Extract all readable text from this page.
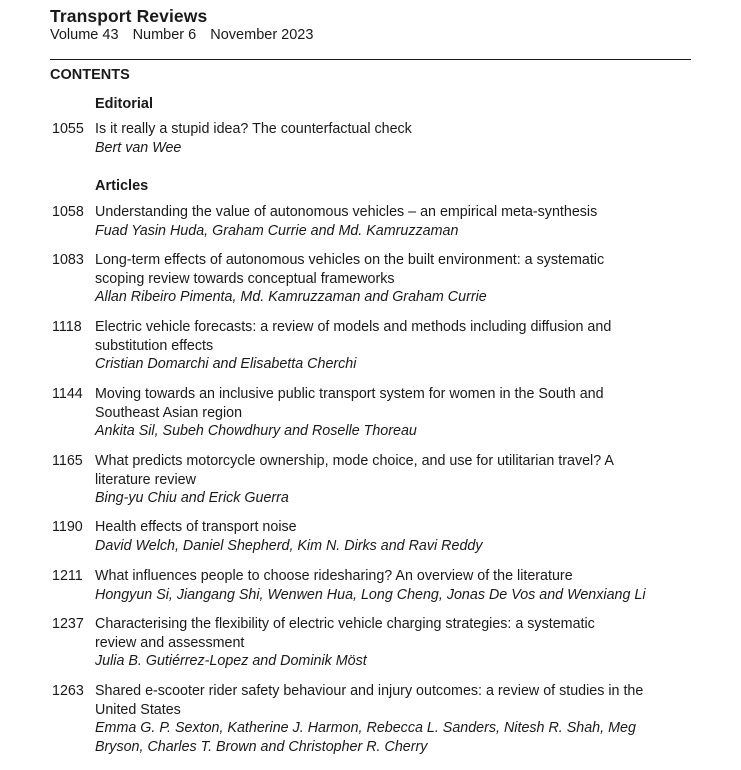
Transport Reviews
Volume 43 Number 6 November 2023
CONTENTS
Editorial
1055 Is it really a stupid idea? The counterfactual check
Bert van Wee
Articles
1058 Understanding the value of autonomous vehicles – an empirical meta-synthesis
Fuad Yasin Huda, Graham Currie and Md. Kamruzzaman
1083 Long-term effects of autonomous vehicles on the built environment: a systematic scoping review towards conceptual frameworks
Allan Ribeiro Pimenta, Md. Kamruzzaman and Graham Currie
1118 Electric vehicle forecasts: a review of models and methods including diffusion and substitution effects
Cristian Domarchi and Elisabetta Cherchi
1144 Moving towards an inclusive public transport system for women in the South and Southeast Asian region
Ankita Sil, Subeh Chowdhury and Roselle Thoreau
1165 What predicts motorcycle ownership, mode choice, and use for utilitarian travel? A literature review
Bing-yu Chiu and Erick Guerra
1190 Health effects of transport noise
David Welch, Daniel Shepherd, Kim N. Dirks and Ravi Reddy
1211 What influences people to choose ridesharing? An overview of the literature
Hongyun Si, Jiangang Shi, Wenwen Hua, Long Cheng, Jonas De Vos and Wenxiang Li
1237 Characterising the flexibility of electric vehicle charging strategies: a systematic review and assessment
Julia B. Gutiérrez-Lopez and Dominik Möst
1263 Shared e-scooter rider safety behaviour and injury outcomes: a review of studies in the United States
Emma G. P. Sexton, Katherine J. Harmon, Rebecca L. Sanders, Nitesh R. Shah, Meg Bryson, Charles T. Brown and Christopher R. Cherry
